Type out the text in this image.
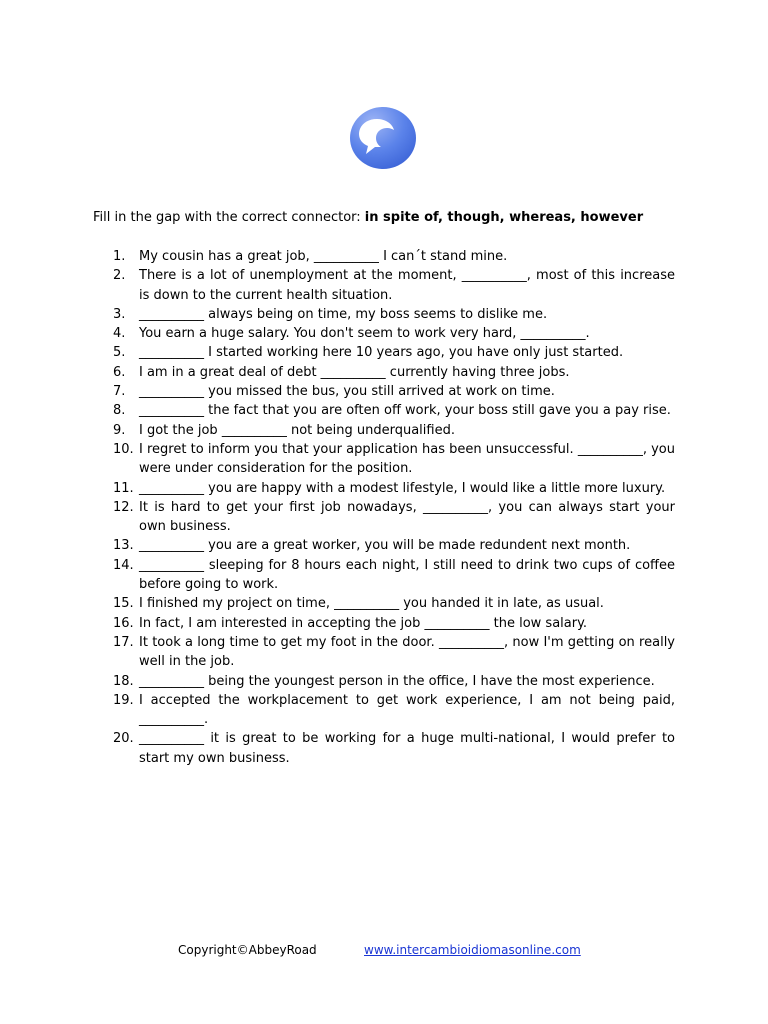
Fill in the gap with the correct connector: in spite of, though, whereas, however
1. My cousin has a great job, __________ I can´t stand mine.
2. There is a lot of unemployment at the moment, __________, most of this increase is down to the current health situation.
3. __________ always being on time, my boss seems to dislike me.
4. You earn a huge salary. You don't seem to work very hard, __________.
5. __________ I started working here 10 years ago, you have only just started.
6. I am in a great deal of debt __________ currently having three jobs.
7. __________ you missed the bus, you still arrived at work on time.
8. __________ the fact that you are often off work, your boss still gave you a pay rise.
9. I got the job __________ not being underqualified.
10. I regret to inform you that your application has been unsuccessful. __________, you were under consideration for the position.
11. __________ you are happy with a modest lifestyle, I would like a little more luxury.
12. It is hard to get your first job nowadays, __________, you can always start your own business.
13. __________ you are a great worker, you will be made redundent next month.
14. __________ sleeping for 8 hours each night, I still need to drink two cups of coffee before going to work.
15. I finished my project on time, __________ you handed it in late, as usual.
16. In fact, I am interested in accepting the job __________ the low salary.
17. It took a long time to get my foot in the door. __________, now I'm getting on really well in the job.
18. __________ being the youngest person in the office, I have the most experience.
19. I accepted the workplacement to get work experience, I am not being paid, __________.
20. __________ it is great to be working for a huge multi-national, I would prefer to start my own business.
Copyright©AbbeyRoad	www.intercambioidiomasonline.com
